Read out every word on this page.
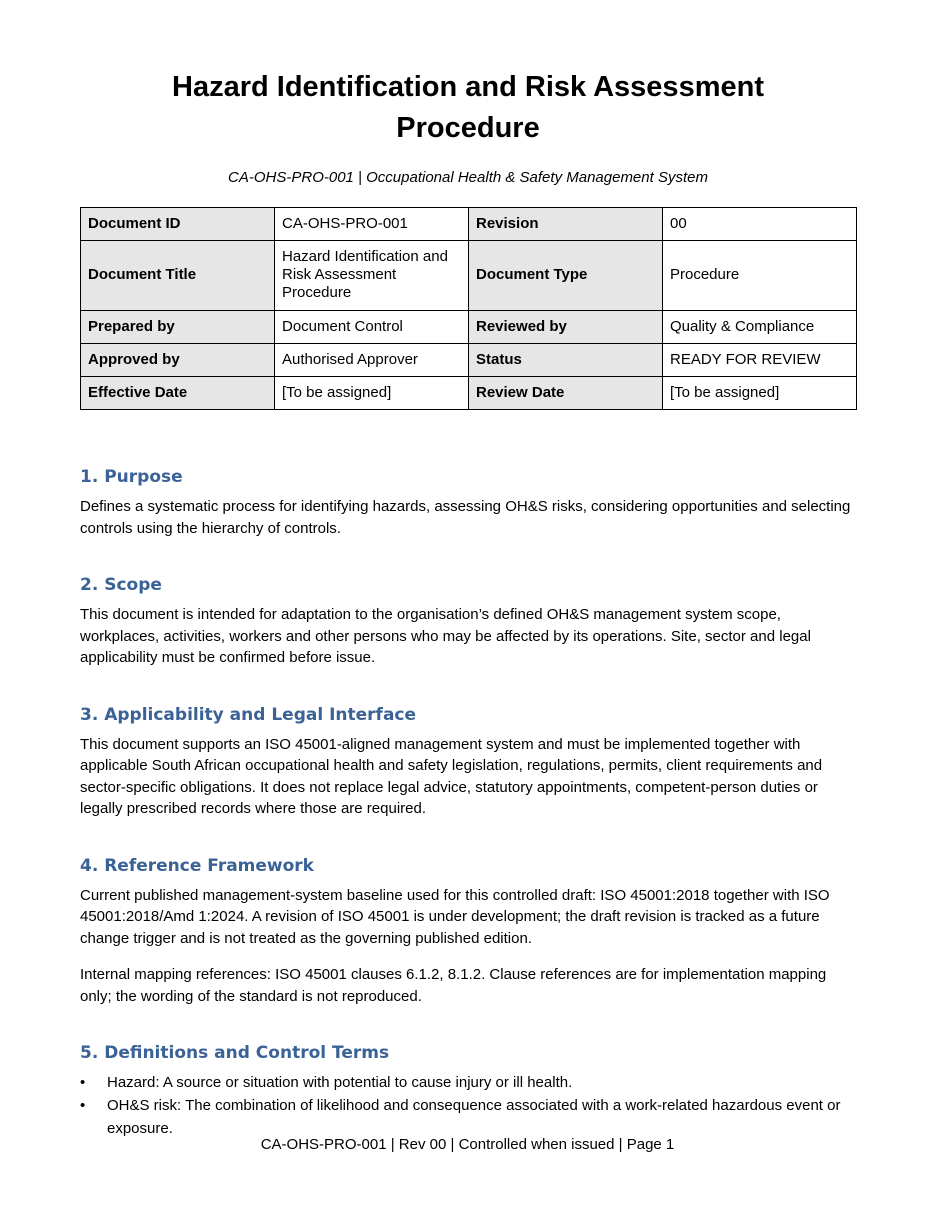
Hazard Identification and Risk Assessment
Procedure
CA-OHS-PRO-001 | Occupational Health & Safety Management System
Document ID	CA-OHS-PRO-001	Revision	00
Document Title	Hazard Identification and Risk Assessment Procedure	Document Type	Procedure
Prepared by	Document Control	Reviewed by	Quality & Compliance
Approved by	Authorised Approver	Status	READY FOR REVIEW
Effective Date	[To be assigned]	Review Date	[To be assigned]
1. Purpose

Defines a systematic process for identifying hazards, assessing OH&S risks, considering opportunities and selecting controls using the hierarchy of controls.

2. Scope

This document is intended for adaptation to the organisation’s defined OH&S management system scope, workplaces, activities, workers and other persons who may be affected by its operations. Site, sector and legal applicability must be confirmed before issue.

3. Applicability and Legal Interface

This document supports an ISO 45001-aligned management system and must be implemented together with applicable South African occupational health and safety legislation, regulations, permits, client requirements and sector-specific obligations. It does not replace legal advice, statutory appointments, competent-person duties or legally prescribed records where those are required.

4. Reference Framework

Current published management-system baseline used for this controlled draft: ISO 45001:2018 together with ISO 45001:2018/Amd 1:2024. A revision of ISO 45001 is under development; the draft revision is tracked as a future change trigger and is not treated as the governing published edition.

Internal mapping references: ISO 45001 clauses 6.1.2, 8.1.2. Clause references are for implementation mapping only; the wording of the standard is not reproduced.

5. Definitions and Control Terms
•	Hazard: A source or situation with potential to cause injury or ill health.
•	OH&S risk: The combination of likelihood and consequence associated with a work-related hazardous event or exposure.
CA-OHS-PRO-001 | Rev 00 | Controlled when issued | Page 1
